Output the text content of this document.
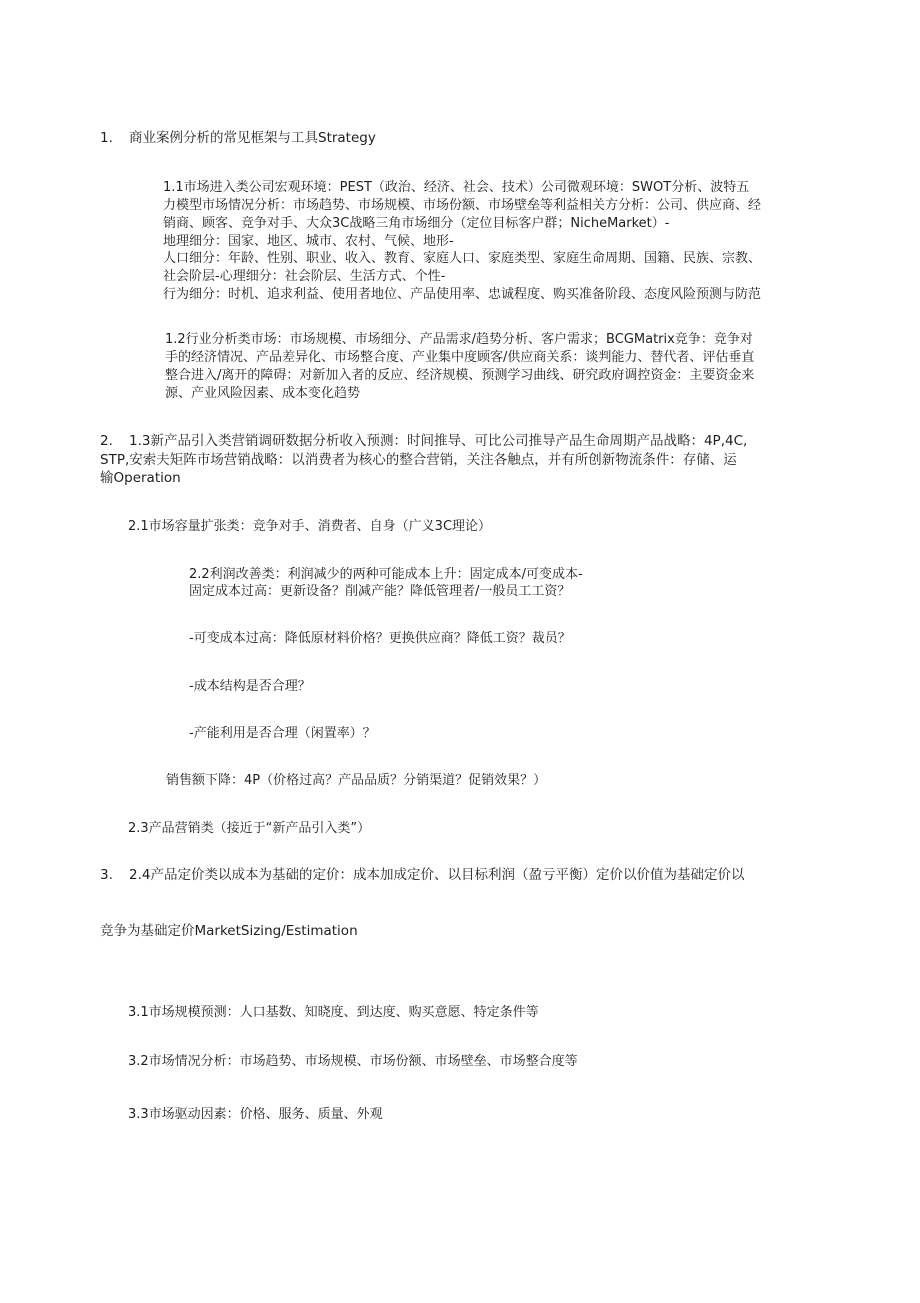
1. 商业案例分析的常见框架与工具Strategy
1.1市场进入类公司宏观环境：PEST（政治、经济、社会、技术）公司微观环境：SWOT分析、波特五
力模型市场情况分析：市场趋势、市场规模、市场份额、市场壁垒等利益相关方分析：公司、供应商、经
销商、顾客、竞争对手、大众3C战略三角市场细分（定位目标客户群；NicheMarket）-
地理细分：国家、地区、城市、农村、气候、地形-
人口细分：年龄、性别、职业、收入、教育、家庭人口、家庭类型、家庭生命周期、国籍、民族、宗教、
社会阶层-心理细分：社会阶层、生活方式、个性-
行为细分：时机、追求利益、使用者地位、产品使用率、忠诚程度、购买准备阶段、态度风险预测与防范
1.2行业分析类市场：市场规模、市场细分、产品需求/趋势分析、客户需求；BCGMatrix竞争：竞争对
手的经济情况、产品差异化、市场整合度、产业集中度顾客/供应商关系：谈判能力、替代者、评估垂直
整合进入/离开的障碍：对新加入者的反应、经济规模、预测学习曲线、研究政府调控资金：主要资金来
源、产业风险因素、成本变化趋势
2. 1.3新产品引入类营销调研数据分析收入预测：时间推导、可比公司推导产品生命周期产品战略：4P,4C,
STP,安索夫矩阵市场营销战略：以消费者为核心的整合营销，关注各触点，并有所创新物流条件：存储、运
输Operation
2.1市场容量扩张类：竞争对手、消费者、自身（广义3C理论）
2.2利润改善类：利润减少的两种可能成本上升：固定成本/可变成本-
固定成本过高：更新设备？削减产能？降低管理者/一般员工工资？
-可变成本过高：降低原材料价格？更换供应商？降低工资？裁员？
-成本结构是否合理？
-产能利用是否合理（闲置率）？
销售额下降：4P（价格过高？产品品质？分销渠道？促销效果？）
2.3产品营销类（接近于“新产品引入类”）
3. 2.4产品定价类以成本为基础的定价：成本加成定价、以目标利润（盈亏平衡）定价以价值为基础定价以
竞争为基础定价MarketSizing/Estimation
3.1市场规模预测：人口基数、知晓度、到达度、购买意愿、特定条件等
3.2市场情况分析：市场趋势、市场规模、市场份额、市场壁垒、市场整合度等
3.3市场驱动因素：价格、服务、质量、外观
